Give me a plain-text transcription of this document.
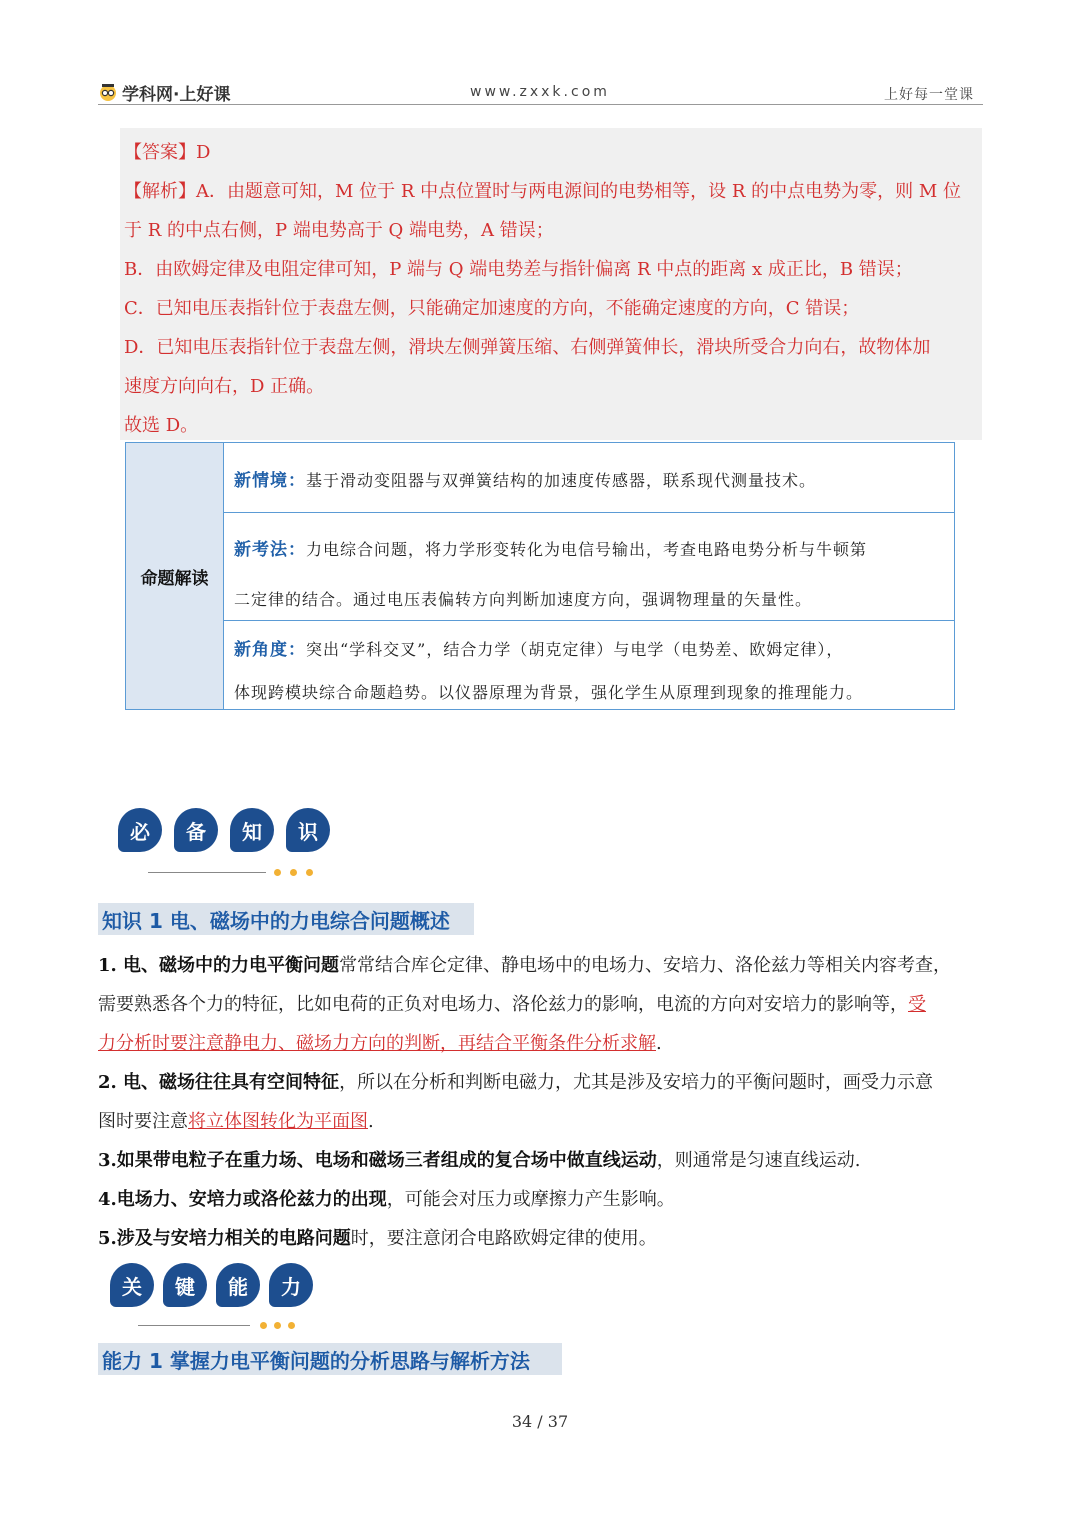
学科网·上好课	www.zxxk.com	上好每一堂课
【答案】D
【解析】A．由题意可知，M 位于 R 中点位置时与两电源间的电势相等，设 R 的中点电势为零，则 M 位
于 R 的中点右侧，P 端电势高于 Q 端电势，A 错误；
B．由欧姆定律及电阻定律可知，P 端与 Q 端电势差与指针偏离 R 中点的距离 x 成正比，B 错误；
C．已知电压表指针位于表盘左侧，只能确定加速度的方向，不能确定速度的方向，C 错误；
D．已知电压表指针位于表盘左侧，滑块左侧弹簧压缩、右侧弹簧伸长，滑块所受合力向右，故物体加
速度方向向右，D 正确。
故选 D。
命题解读
新情境：基于滑动变阻器与双弹簧结构的加速度传感器，联系现代测量技术。
新考法：力电综合问题，将力学形变转化为电信号输出，考查电路电势分析与牛顿第
二定律的结合。通过电压表偏转方向判断加速度方向，强调物理量的矢量性。
新角度：突出“学科交叉”，结合力学（胡克定律）与电学（电势差、欧姆定律），
体现跨模块综合命题趋势。以仪器原理为背景，强化学生从原理到现象的推理能力。
必	备	知	识
知识 1 电、磁场中的力电综合问题概述
1. 电、磁场中的力电平衡问题常常结合库仑定律、静电场中的电场力、安培力、洛伦兹力等相关内容考查，
需要熟悉各个力的特征，比如电荷的正负对电场力、洛伦兹力的影响，电流的方向对安培力的影响等，受
力分析时要注意静电力、磁场力方向的判断，再结合平衡条件分析求解.
2. 电、磁场往往具有空间特征，所以在分析和判断电磁力，尤其是涉及安培力的平衡问题时，画受力示意
图时要注意将立体图转化为平面图.
3.如果带电粒子在重力场、电场和磁场三者组成的复合场中做直线运动，则通常是匀速直线运动.
4.电场力、安培力或洛伦兹力的出现，可能会对压力或摩擦力产生影响。
5.涉及与安培力相关的电路问题时，要注意闭合电路欧姆定律的使用。
关	键	能	力
能力 1 掌握力电平衡问题的分析思路与解析方法
34 / 37
